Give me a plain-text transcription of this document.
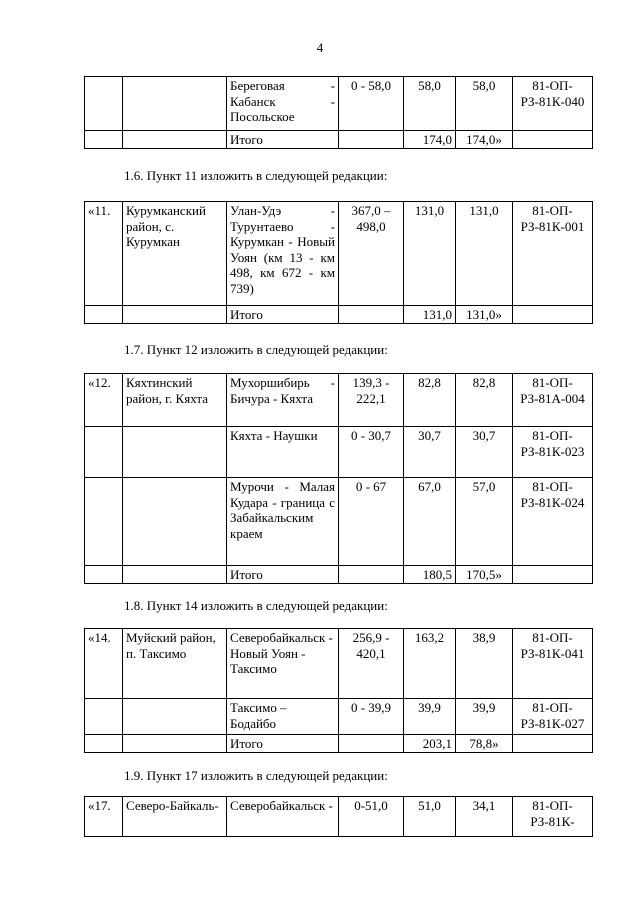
4
		Береговая - Кабанск - Посольское	0 - 58,0	58,0	58,0	81-ОП-РЗ-81К-040
		Итого		174,0	174,0»	
1.6. Пункт 11 изложить в следующей редакции:
«11.	Курумканский район, с. Курумкан	Улан-Удэ - Турунтаево - Курумкан - Новый Уоян (км 13 - км 498, км 672 - км 739)	367,0 – 498,0	131,0	131,0	81-ОП-РЗ-81К-001
		Итого		131,0	131,0»	
1.7. Пункт 12 изложить в следующей редакции:
«12.	Кяхтинский район, г. Кяхта	Мухоршибирь - Бичура - Кяхта	139,3 - 222,1	82,8	82,8	81-ОП-РЗ-81А-004
		Кяхта - Наушки	0 - 30,7	30,7	30,7	81-ОП-РЗ-81К-023
		Мурочи - Малая Кудара - граница с Забайкальским краем	0 - 67	67,0	57,0	81-ОП-РЗ-81К-024
		Итого		180,5	170,5»	
1.8. Пункт 14 изложить в следующей редакции:
«14.	Муйский район, п. Таксимо	Северобайкальск - Новый Уоян - Таксимо	256,9 - 420,1	163,2	38,9	81-ОП-РЗ-81К-041
		Таксимо – Бодайбо	0 - 39,9	39,9	39,9	81-ОП-РЗ-81К-027
		Итого		203,1	78,8»	
1.9. Пункт 17 изложить в следующей редакции:
«17.	Северо-Байкаль-	Северобайкальск -	0-51,0	51,0	34,1	81-ОП-РЗ-81К-
